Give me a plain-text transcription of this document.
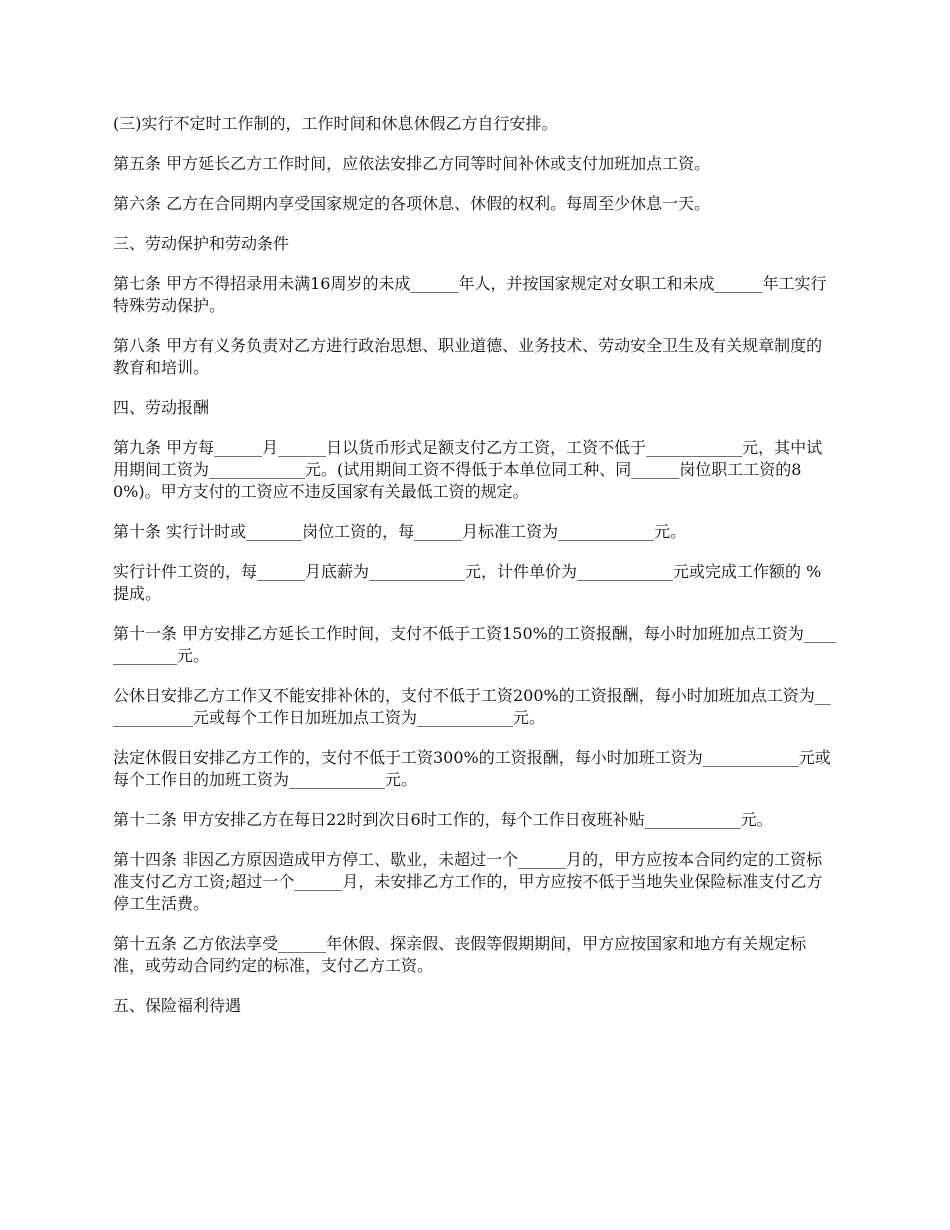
(三)实行不定时工作制的，工作时间和休息休假乙方自行安排。

第五条 甲方延长乙方工作时间，应依法安排乙方同等时间补休或支付加班加点工资。

第六条 乙方在合同期内享受国家规定的各项休息、休假的权利。每周至少休息一天。

三、劳动保护和劳动条件

第七条 甲方不得招录用未满16周岁的未成______年人，并按国家规定对女职工和未成______年工实行特殊劳动保护。

第八条 甲方有义务负责对乙方进行政治思想、职业道德、业务技术、劳动安全卫生及有关规章制度的教育和培训。

四、劳动报酬

第九条 甲方每______月______日以货币形式足额支付乙方工资，工资不低于____________元，其中试用期间工资为____________元。(试用期间工资不得低于本单位同工种、同______岗位职工工资的80%)。甲方支付的工资应不违反国家有关最低工资的规定。

第十条 实行计时或_______岗位工资的，每______月标准工资为____________元。

实行计件工资的，每______月底薪为____________元，计件单价为____________元或完成工作额的 %提成。

第十一条 甲方安排乙方延长工作时间，支付不低于工资150%的工资报酬，每小时加班加点工资为____________元。

公休日安排乙方工作又不能安排补休的，支付不低于工资200%的工资报酬，每小时加班加点工资为____________元或每个工作日加班加点工资为____________元。

法定休假日安排乙方工作的，支付不低于工资300%的工资报酬，每小时加班工资为____________元或每个工作日的加班工资为____________元。

第十二条 甲方安排乙方在每日22时到次日6时工作的，每个工作日夜班补贴____________元。

第十四条 非因乙方原因造成甲方停工、歇业，未超过一个______月的，甲方应按本合同约定的工资标准支付乙方工资;超过一个______月，未安排乙方工作的，甲方应按不低于当地失业保险标准支付乙方停工生活费。

第十五条 乙方依法享受______年休假、探亲假、丧假等假期期间，甲方应按国家和地方有关规定标准，或劳动合同约定的标准，支付乙方工资。

五、保险福利待遇
